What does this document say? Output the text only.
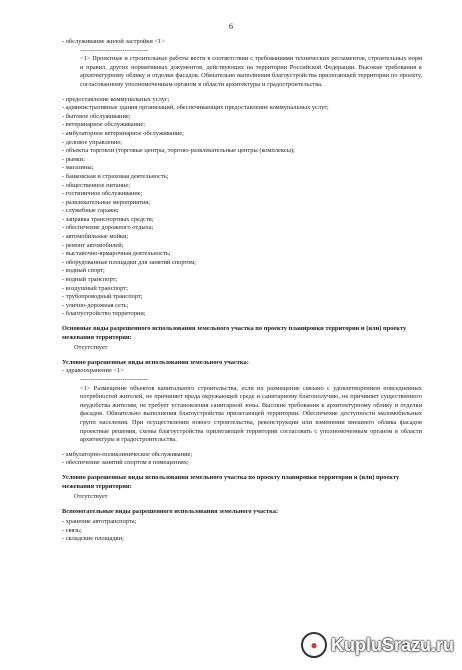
6
- обслуживание жилой застройки <1>
--------------------------------
<1> Проектные и строительные работы вести в соответствии с требованиями технических регламентов, строительных норм и правил, других нормативных документов, действующих на территории Российской Федерации. Высокие требования к архитектурному облику и отделки фасадов. Обязательно выполнения благоустройства прилегающей территории по проекту, согласованному уполномоченным органом в области архитектуры и градостроительства.
- предоставление коммунальных услуг;
- административные здания организаций, обеспечивающих предоставление коммунальных услуг;
- бытовое обслуживание;
- ветеринарное обслуживание;
- амбулаторное ветеринарное обслуживание;
- деловое управление;
- объекты торговли (торговые центры, торгово-развлекательные центры (комплексы);
- рынки;
- магазины;
- банковская и страховая деятельность;
- общественное питание;
- гостиничное обслуживание;
- развлекательные мероприятия;
- служебные гаражи;
- заправка транспортных средств;
- обеспечение дорожного отдыха;
- автомобильные мойки;
- ремонт автомобилей;
- выставочно-ярмарочная деятельность;
- оборудованные площадки для занятий спортом;
- водный спорт;
- водный транспорт;
- воздушный транспорт;
- трубопроводный транспорт;
- улично-дорожная сеть;
- благоустройство территории;
Основные виды разрешенного использования земельного участка по проекту планировки территории и (или) проекту межевания территории:
Отсутствует
Условно разрешенные виды использования земельного участка:
- здравоохранение <1>
--------------------------------
<1> Размещение объектов капитального строительства, если их размещение связано с удовлетворением повседневных потребностей жителей, не причиняет вреда окружающей среде и санитарному благополучию, не причиняет существенного неудобства жителям, не требует установления санитарной зоны. Высокие требования к архитектурному облику и отделки фасадов. Обязательно выполнения благоустройства прилегающей территории. Обеспечение доступности маломобильных групп населения. При осуществлении нового строительства, реконструкции или изменении внешнего облика фасадов проектные решения, схемы благоустройства прилегающей территории согласовать с уполномоченным органом в области архитектуры и градостроительства.
- амбулаторно-поликлиническое обслуживание;
- обеспечение занятий спортом в помещениях;
Условно разрешенные виды использования земельного участка по проекту планировки территории и (или) проекту межевания территории:
Отсутствует
Вспомогательные виды разрешенного использования земельного участка:
- хранение автотранспорта;
- связь;
- складские площадки;
● KupluSrazu.ru
